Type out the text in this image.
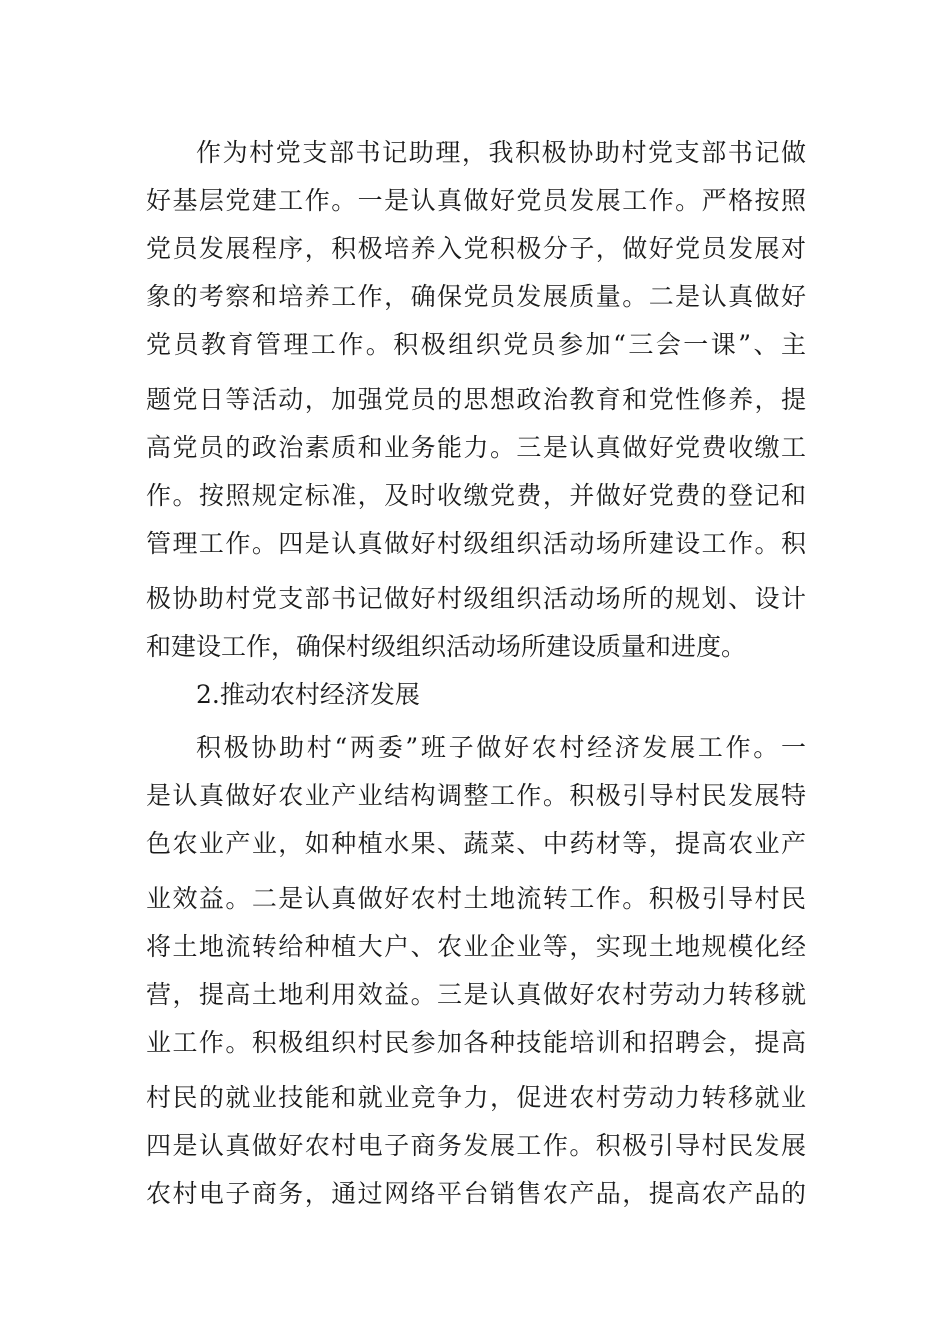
作为村党支部书记助理，我积极协助村党支部书记做

好基层党建工作。一是认真做好党员发展工作。严格按照

党员发展程序，积极培养入党积极分子，做好党员发展对

象的考察和培养工作，确保党员发展质量。二是认真做好

党员教育管理工作。积极组织党员参加“三会一课”、主

题党日等活动，加强党员的思想政治教育和党性修养，提

高党员的政治素质和业务能力。三是认真做好党费收缴工

作。按照规定标准，及时收缴党费，并做好党费的登记和

管理工作。四是认真做好村级组织活动场所建设工作。积

极协助村党支部书记做好村级组织活动场所的规划、设计

和建设工作，确保村级组织活动场所建设质量和进度。

2.推动农村经济发展

积极协助村“两委”班子做好农村经济发展工作。一

是认真做好农业产业结构调整工作。积极引导村民发展特

色农业产业，如种植水果、蔬菜、中药材等，提高农业产

业效益。二是认真做好农村土地流转工作。积极引导村民

将土地流转给种植大户、农业企业等，实现土地规模化经

营，提高土地利用效益。三是认真做好农村劳动力转移就

业工作。积极组织村民参加各种技能培训和招聘会，提高

村民的就业技能和就业竞争力，促进农村劳动力转移就业

四是认真做好农村电子商务发展工作。积极引导村民发展

农村电子商务，通过网络平台销售农产品，提高农产品的
